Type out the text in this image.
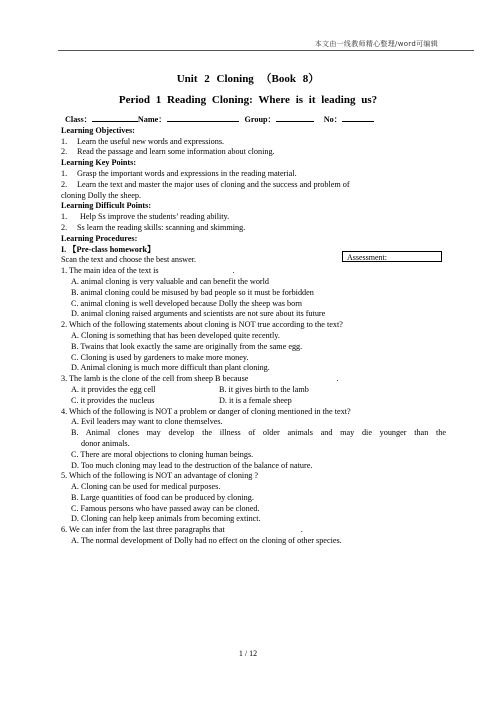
本文由一线教师精心整理/word可编辑
Unit 2 Cloning （Book 8）
Period 1 Reading Cloning: Where is it leading us?
Assessment:
Class：	Name：	Group：	No：
Learning Objectives:
1. Learn the useful new words and expressions.
2. Read the passage and learn some information about cloning.
Learning Key Points:
1. Grasp the important words and expressions in the reading material.
2. Learn the text and master the major uses of cloning and the success and problem of
cloning Dolly the sheep.
Learning Difficult Points:
1. Help Ss improve the students’ reading ability.
2. Ss learn the reading skills: scanning and skimming.
Learning Procedures:
I. 【Pre-class homework】
Scan the text and choose the best answer.
1. The main idea of the text is	.
A. animal cloning is very valuable and can benefit the world
B. animal cloning could be misused by bad people so it must be forbidden
C. animal cloning is well developed because Dolly the sheep was born
D. animal cloning raised arguments and scientists are not sure about its future
2. Which of the following statements about cloning is NOT true according to the text?
A. Cloning is something that has been developed quite recently.
B. Twains that look exactly the same are originally from the same egg.
C. Cloning is used by gardeners to make more money.
D. Animal cloning is much more difficult than plant cloning.
3. The lamb is the clone of the cell from sheep B because	.
A. it provides the egg cell	B. it gives birth to the lamb
C. it provides the nucleus	D. it is a female sheep
4. Which of the following is NOT a problem or danger of cloning mentioned in the text?
A. Evil leaders may want to clone themselves.
B. Animal clones may develop the illness of older animals and may die younger than the
donor animals.
C. There are moral objections to cloning human beings.
D. Too much cloning may lead to the destruction of the balance of nature.
5. Which of the following is NOT an advantage of cloning ?
A. Cloning can be used for medical purposes.
B. Large quantities of food can be produced by cloning.
C. Famous persons who have passed away can be cloned.
D. Cloning can help keep animals from becoming extinct.
6. We can infer from the last three paragraphs that	.
A. The normal development of Dolly had no effect on the cloning of other species.
1 / 12
